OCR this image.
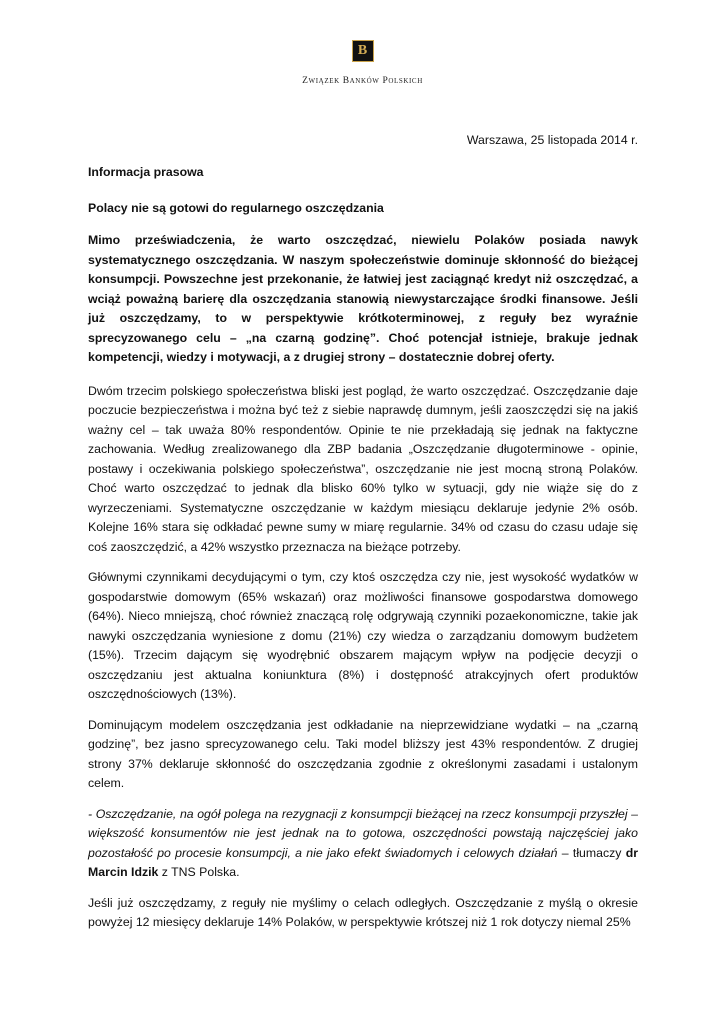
B
Związek Banków Polskich

Warszawa, 25 listopada 2014 r.

Informacja prasowa

Polacy nie są gotowi do regularnego oszczędzania

Mimo przeświadczenia, że warto oszczędzać, niewielu Polaków posiada nawyk systematycznego oszczędzania. W naszym społeczeństwie dominuje skłonność do bieżącej konsumpcji. Powszechne jest przekonanie, że łatwiej jest zaciągnąć kredyt niż oszczędzać, a wciąż poważną barierę dla oszczędzania stanowią niewystarczające środki finansowe. Jeśli już oszczędzamy, to w perspektywie krótkoterminowej, z reguły bez wyraźnie sprecyzowanego celu – „na czarną godzinę”. Choć potencjał istnieje, brakuje jednak kompetencji, wiedzy i motywacji, a z drugiej strony – dostatecznie dobrej oferty.

Dwóm trzecim polskiego społeczeństwa bliski jest pogląd, że warto oszczędzać. Oszczędzanie daje poczucie bezpieczeństwa i można być też z siebie naprawdę dumnym, jeśli zaoszczędzi się na jakiś ważny cel – tak uważa 80% respondentów. Opinie te nie przekładają się jednak na faktyczne zachowania. Według zrealizowanego dla ZBP badania „Oszczędzanie długoterminowe - opinie, postawy i oczekiwania polskiego społeczeństwa”, oszczędzanie nie jest mocną stroną Polaków. Choć warto oszczędzać to jednak dla blisko 60% tylko w sytuacji, gdy nie wiąże się do z wyrzeczeniami. Systematyczne oszczędzanie w każdym miesiącu deklaruje jedynie 2% osób. Kolejne 16% stara się odkładać pewne sumy w miarę regularnie. 34% od czasu do czasu udaje się coś zaoszczędzić, a 42% wszystko przeznacza na bieżące potrzeby.

Głównymi czynnikami decydującymi o tym, czy ktoś oszczędza czy nie, jest wysokość wydatków w gospodarstwie domowym (65% wskazań) oraz możliwości finansowe gospodarstwa domowego (64%). Nieco mniejszą, choć również znaczącą rolę odgrywają czynniki pozaekonomiczne, takie jak nawyki oszczędzania wyniesione z domu (21%) czy wiedza o zarządzaniu domowym budżetem (15%). Trzecim dającym się wyodrębnić obszarem mającym wpływ na podjęcie decyzji o oszczędzaniu jest aktualna koniunktura (8%) i dostępność atrakcyjnych ofert produktów oszczędnościowych (13%).

Dominującym modelem oszczędzania jest odkładanie na nieprzewidziane wydatki – na „czarną godzinę”, bez jasno sprecyzowanego celu. Taki model bliższy jest 43% respondentów. Z drugiej strony 37% deklaruje skłonność do oszczędzania zgodnie z określonymi zasadami i ustalonym celem.

- Oszczędzanie, na ogół polega na rezygnacji z konsumpcji bieżącej na rzecz konsumpcji przyszłej – większość konsumentów nie jest jednak na to gotowa, oszczędności powstają najczęściej jako pozostałość po procesie konsumpcji, a nie jako efekt świadomych i celowych działań – tłumaczy dr Marcin Idzik z TNS Polska.

Jeśli już oszczędzamy, z reguły nie myślimy o celach odległych. Oszczędzanie z myślą o okresie powyżej 12 miesięcy deklaruje 14% Polaków, w perspektywie krótszej niż 1 rok dotyczy niemal 25%
